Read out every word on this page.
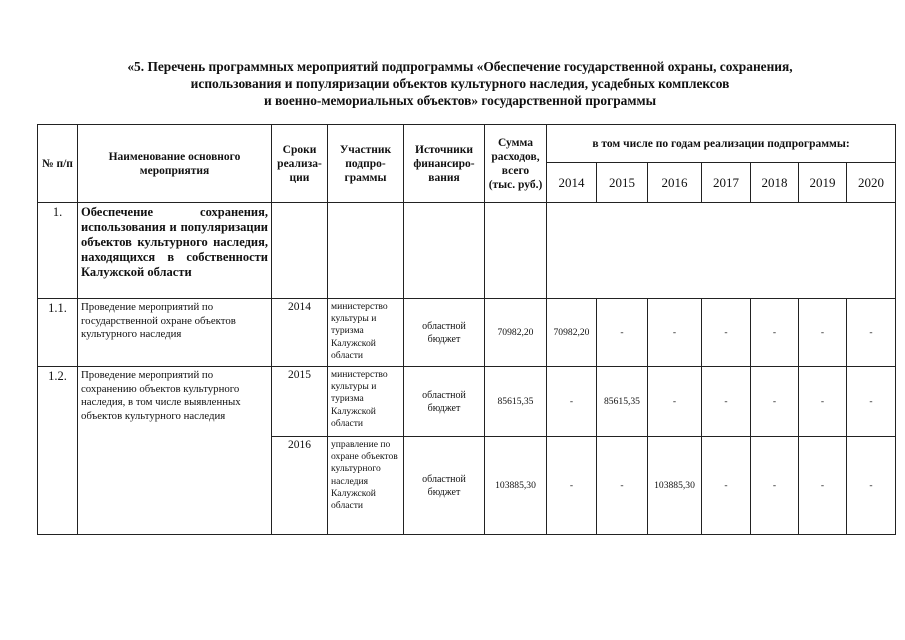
«5. Перечень программных мероприятий подпрограммы «Обеспечение государственной охраны, сохранения,
использования и популяризации объектов культурного наследия, усадебных комплексов
и военно-мемориальных объектов» государственной программы
№ п/п	Наименование основного мероприятия	Сроки реализа-ции	Участник подпро-граммы	Источники финансиро-вания	Сумма расходов, всего (тыс. руб.)	в том числе по годам реализации подпрограммы:						
						2014	2015	2016	2017	2018	2019	2020
1.	Обеспечение сохранения, использования и популяризации объектов культурного наследия, находящихся в собственности Калужской области											
1.1.	Проведение мероприятий по государственной охране объектов культурного наследия	2014	министерство культуры и туризма Калужской области	областной бюджет	70982,20	70982,20	-	-	-	-	-	-
1.2.	Проведение мероприятий по сохранению объектов культурного наследия, в том числе выявленных объектов культурного наследия	2015	министерство культуры и туризма Калужской области	областной бюджет	85615,35	-	85615,35	-	-	-	-	-
		2016	управление по охране объектов культурного наследия Калужской области	областной бюджет	103885,30	-	-	103885,30	-	-	-	-
